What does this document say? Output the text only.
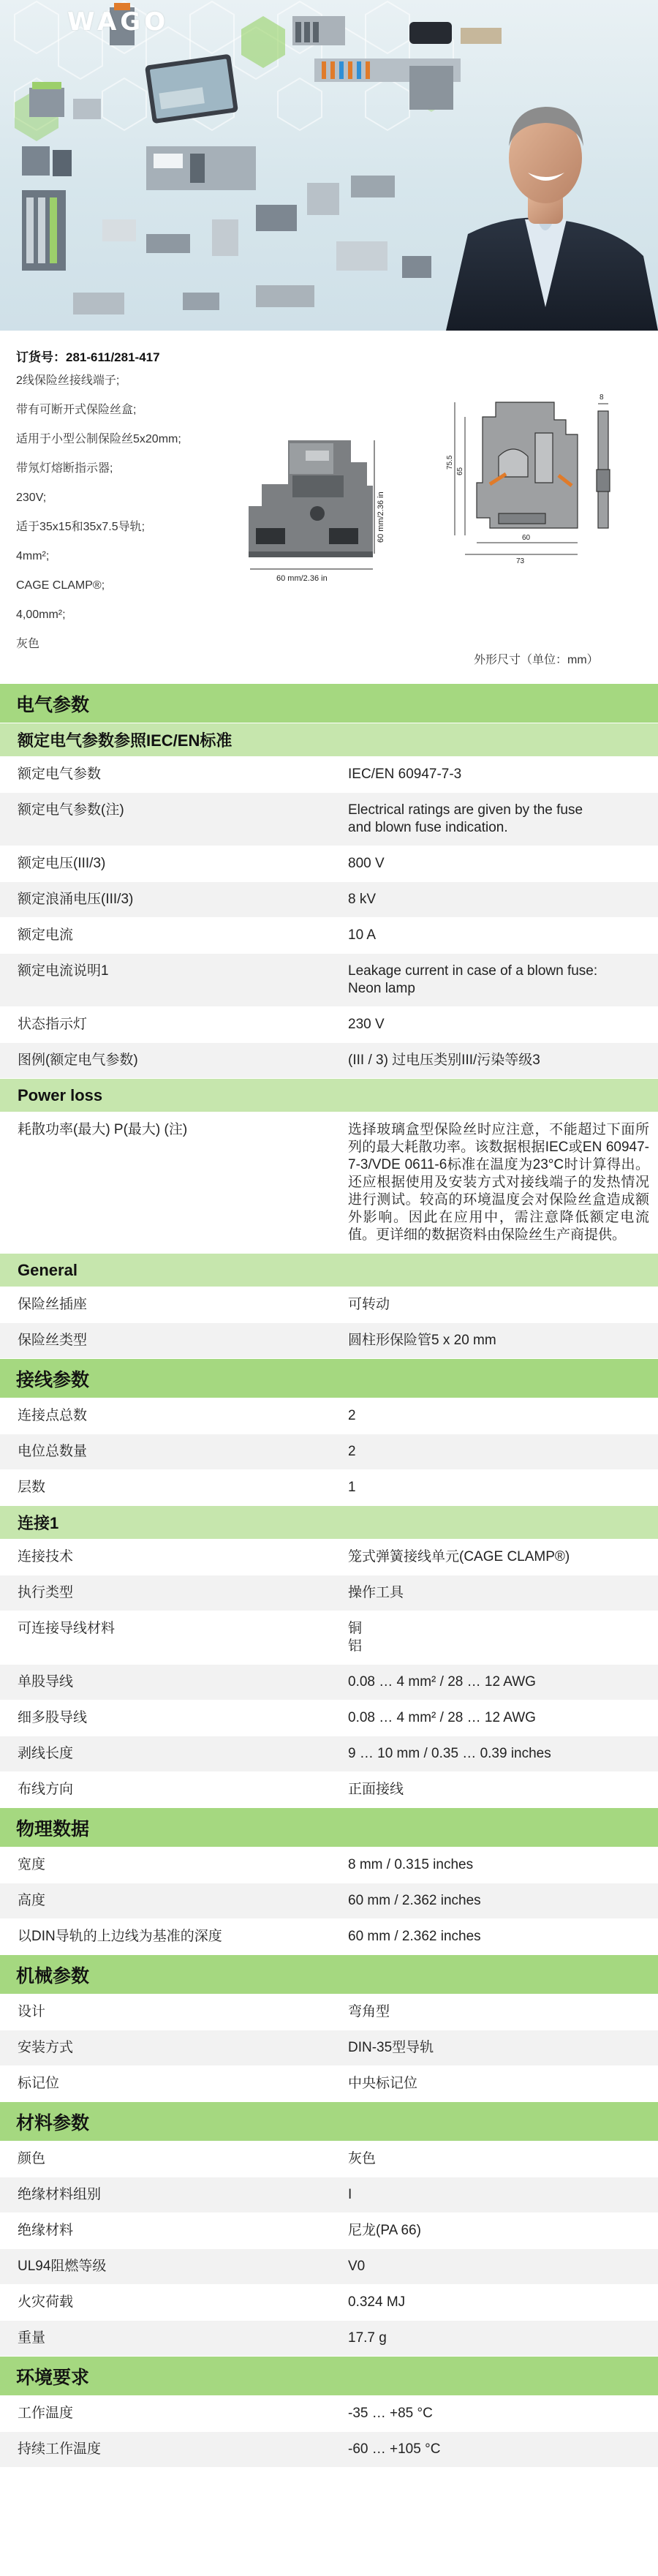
WAGO
订货号：281-611/281-417
2线保险丝接线端子;
带有可断开式保险丝盒;
适用于小型公制保险丝5x20mm;
带氖灯熔断指示器;
230V;
适于35x15和35x7.5导轨;
4mm²;
CAGE CLAMP®;
4,00mm²;
灰色
60 mm/2.36 in
60 mm/2.36 in
75.5
65
60
73
8
外形尺寸（单位：mm）
电气参数
额定电气参数参照IEC/EN标准
额定电气参数	IEC/EN 60947-7-3
额定电气参数(注)	Electrical ratings are given by the fuse
and blown fuse indication.
额定电压(III/3)	800 V
额定浪涌电压(III/3)	8 kV
额定电流	10 A
额定电流说明1	Leakage current in case of a blown fuse:
Neon lamp
状态指示灯	230 V
图例(额定电气参数)	(III / 3) 过电压类别III/污染等级3
Power loss
耗散功率(最大) P(最大) (注)	选择玻璃盒型保险丝时应注意，不能超过下面所列的最大耗散功率。该数据根据IEC或EN 60947-7-3/VDE 0611-6标准在温度为23°C时计算得出。还应根据使用及安装方式对接线端子的发热情况进行测试。较高的环境温度会对保险丝盒造成额外影响。因此在应用中，需注意降低额定电流值。更详细的数据资料由保险丝生产商提供。
General
保险丝插座	可转动
保险丝类型	圆柱形保险管5 x 20 mm
接线参数
连接点总数	2
电位总数量	2
层数	1
连接1
连接技术	笼式弹簧接线单元(CAGE CLAMP®)
执行类型	操作工具
可连接导线材料	铜
铝
单股导线	0.08 … 4 mm² / 28 … 12 AWG
细多股导线	0.08 … 4 mm² / 28 … 12 AWG
剥线长度	9 … 10 mm / 0.35 … 0.39 inches
布线方向	正面接线
物理数据
宽度	8 mm / 0.315 inches
高度	60 mm / 2.362 inches
以DIN导轨的上边线为基准的深度	60 mm / 2.362 inches
机械参数
设计	弯角型
安装方式	DIN-35型导轨
标记位	中央标记位
材料参数
颜色	灰色
绝缘材料组别	I
绝缘材料	尼龙(PA 66)
UL94阻燃等级	V0
火灾荷载	0.324 MJ
重量	17.7 g
环境要求
工作温度	-35 … +85 °C
持续工作温度	-60 … +105 °C
